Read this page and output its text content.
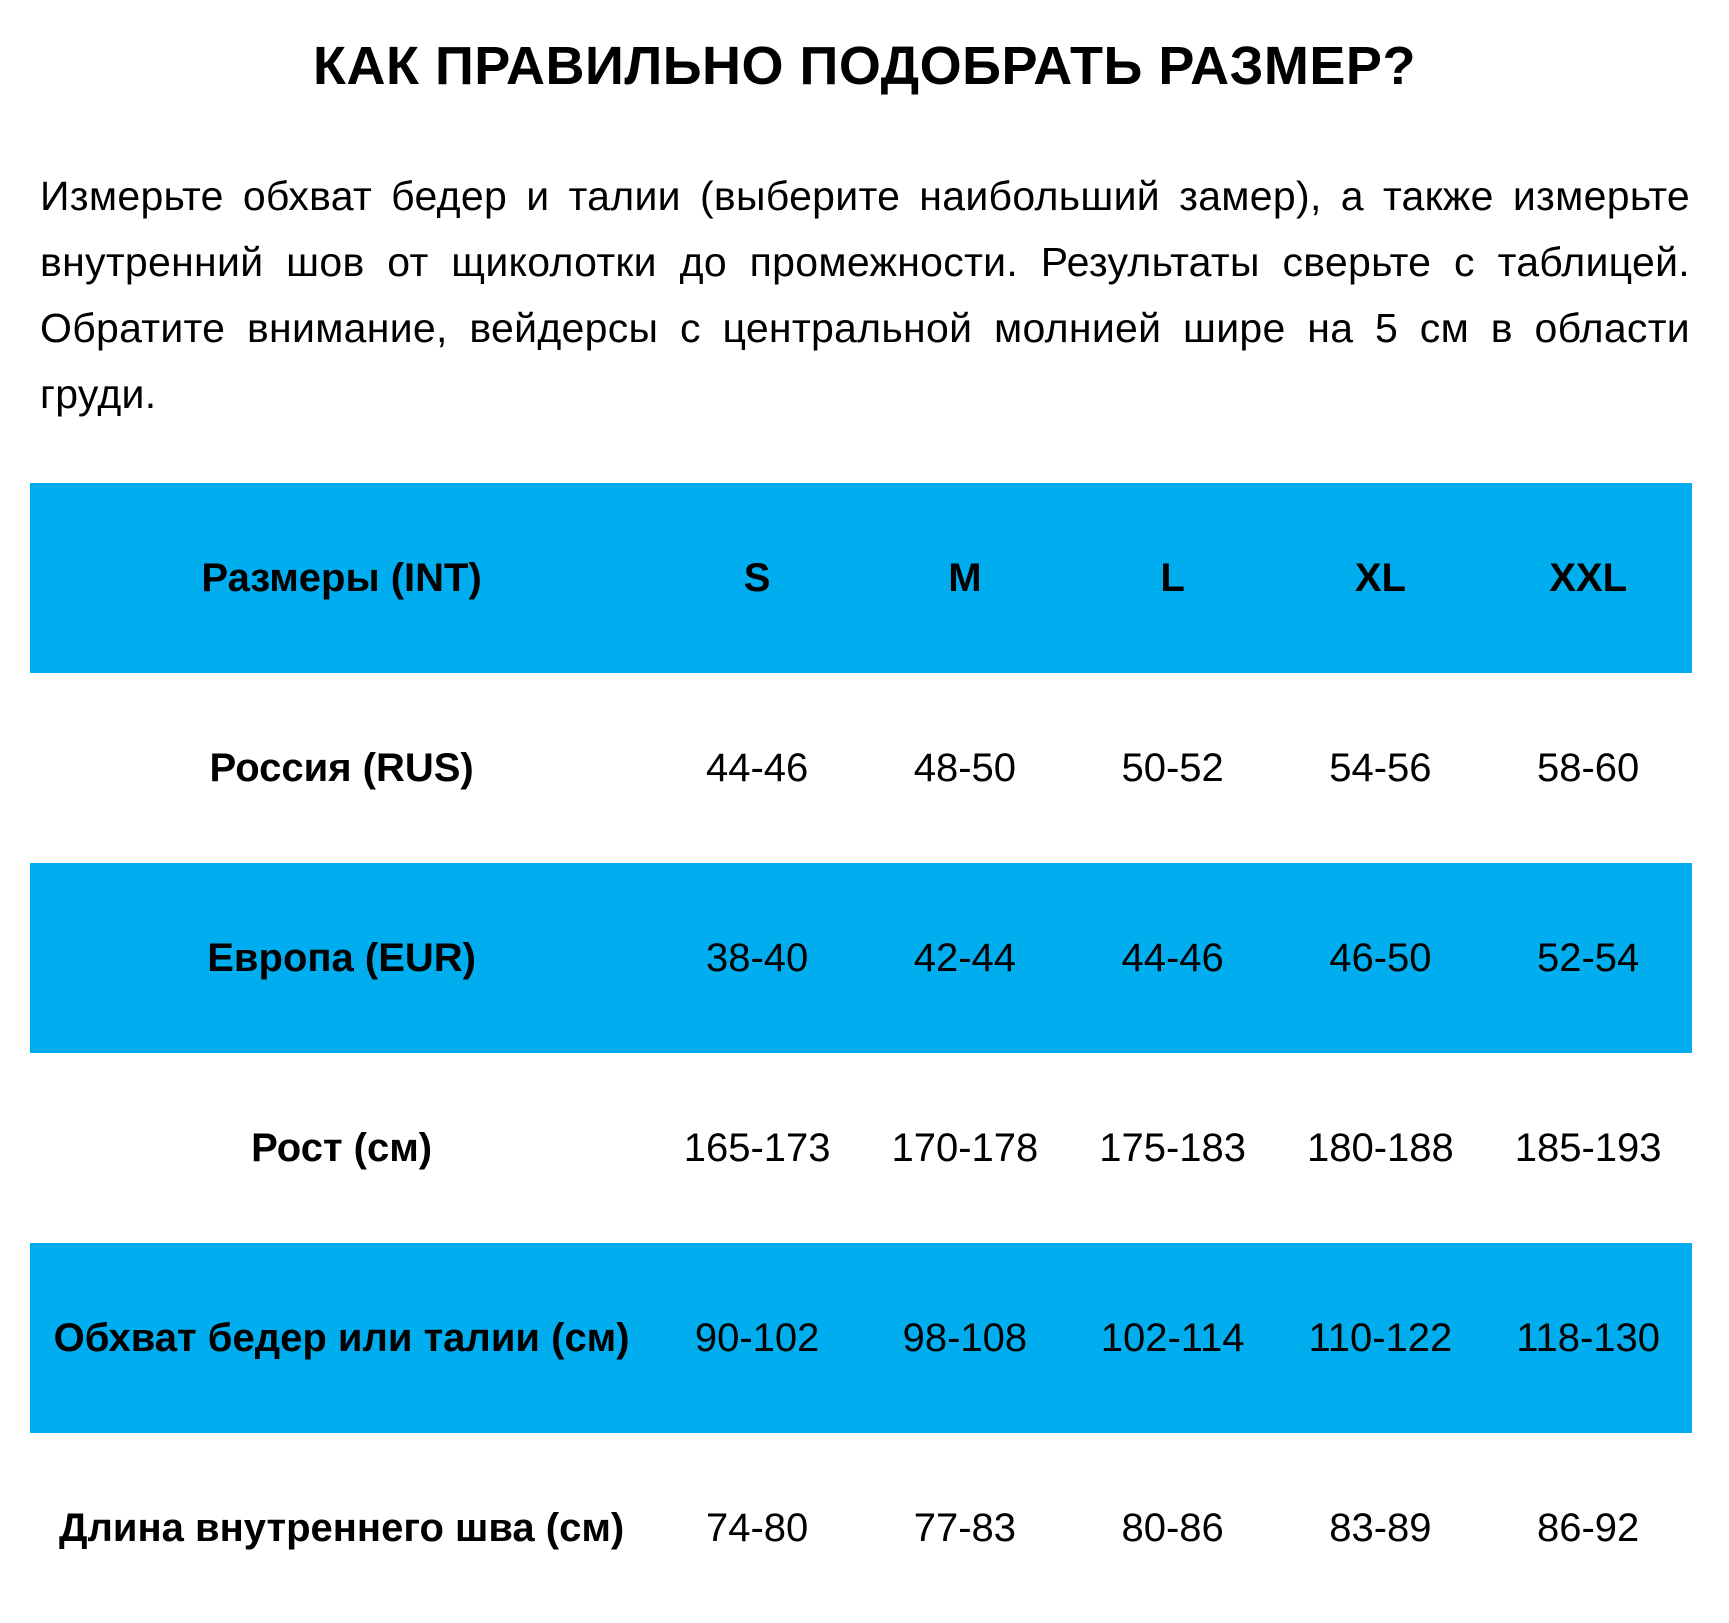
КАК ПРАВИЛЬНО ПОДОБРАТЬ РАЗМЕР?
Измерьте обхват бедер и талии (выберите наибольший замер), а также измерьте внутренний шов от щиколотки до промежности. Результаты сверьте с таблицей. Обратите внимание, вейдерсы с центральной молнией шире на 5 см в области груди.
Размеры (INT)	S	M	L	XL	XXL
Россия (RUS)	44-46	48-50	50-52	54-56	58-60
Европа (EUR)	38-40	42-44	44-46	46-50	52-54
Рост (см)	165-173	170-178	175-183	180-188	185-193
Обхват бедер или талии (см)	90-102	98-108	102-114	110-122	118-130
Длина внутреннего шва (см)	74-80	77-83	80-86	83-89	86-92
